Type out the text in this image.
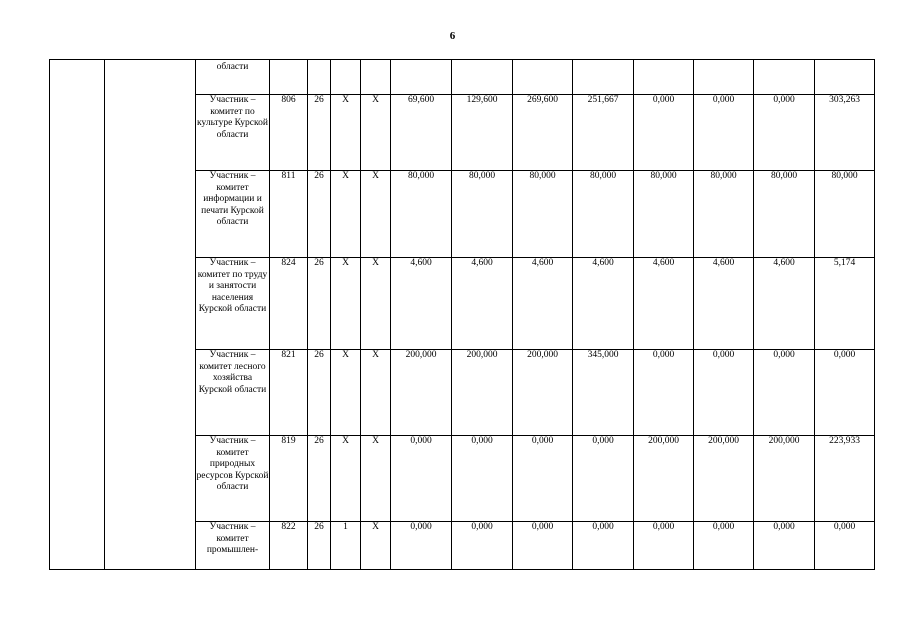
6
		области												
		Участник – комитет по культуре Курской области	806	26	Х	Х	69,600	129,600	269,600	251,667	0,000	0,000	0,000	303,263
		Участник – комитет информации и печати Курской области	811	26	Х	Х	80,000	80,000	80,000	80,000	80,000	80,000	80,000	80,000
		Участник – комитет по труду и занятости населения Курской области	824	26	Х	Х	4,600	4,600	4,600	4,600	4,600	4,600	4,600	5,174
		Участник – комитет лесного хозяйства Курской области	821	26	Х	Х	200,000	200,000	200,000	345,000	0,000	0,000	0,000	0,000
		Участник – комитет природных ресурсов Курской области	819	26	Х	Х	0,000	0,000	0,000	0,000	200,000	200,000	200,000	223,933
		Участник – комитет промышлен-	822	26	1	Х	0,000	0,000	0,000	0,000	0,000	0,000	0,000	0,000
